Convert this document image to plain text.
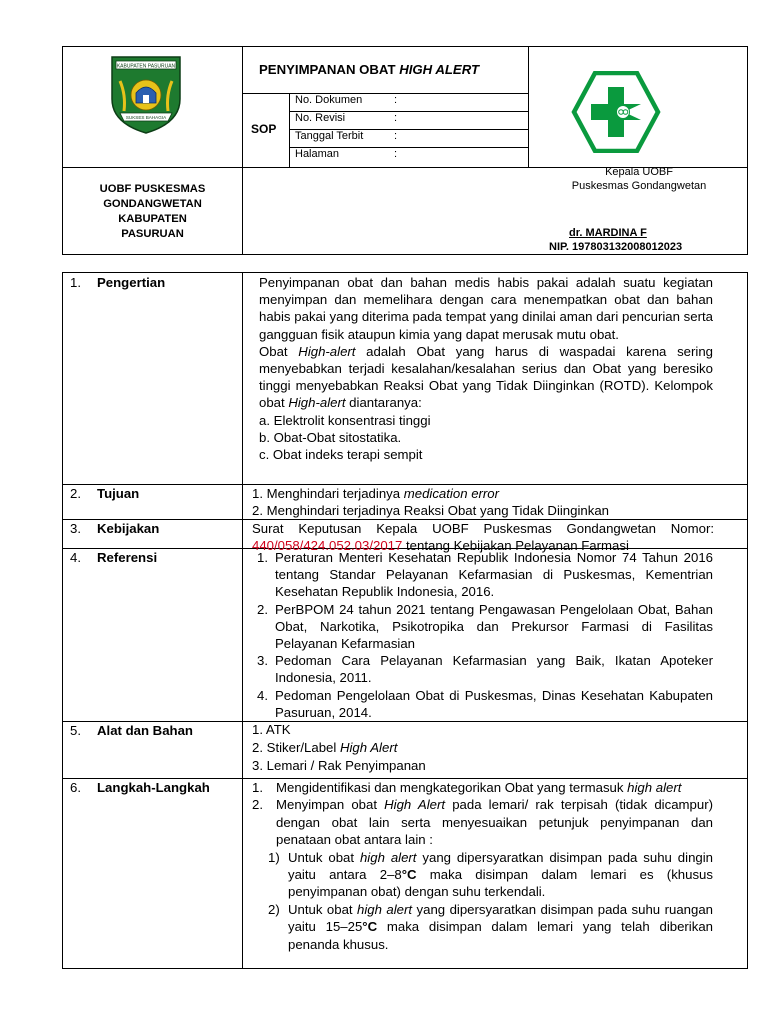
KABUPATEN PASURUAN
SUKSES BAHAGIA
PENYIMPANAN OBAT HIGH ALERT
SOP
No. Dokumen	:
No. Revisi	:
Tanggal Terbit	:
Halaman	:
UOBF PUSKESMAS
GONDANGWETAN
KABUPATEN
PASURUAN
Kepala UOBF
Puskesmas Gondangwetan
dr. MARDINA F
NIP. 197803132008012023
1. Pengertian	Penyimpanan obat dan bahan medis habis pakai adalah suatu kegiatan menyimpan dan memelihara dengan cara menempatkan obat dan bahan habis pakai yang diterima pada tempat yang dinilai aman dari pencurian serta gangguan fisik ataupun kimia yang dapat merusak mutu obat.
Obat High-alert adalah Obat yang harus di waspadai karena sering menyebabkan terjadi kesalahan/kesalahan serius dan Obat yang beresiko tinggi menyebabkan Reaksi Obat yang Tidak Diinginkan (ROTD). Kelompok obat High-alert diantaranya:
a. Elektrolit konsentrasi tinggi
b. Obat-Obat sitostatika.
c. Obat indeks terapi sempit
2. Tujuan	1. Menghindari terjadinya medication error
2. Menghindari terjadinya Reaksi Obat yang Tidak Diinginkan
3. Kebijakan	Surat Keputusan Kepala UOBF Puskesmas Gondangwetan Nomor: 440/058/424.052.03/2017 tentang Kebijakan Pelayanan Farmasi
4. Referensi	1. Peraturan Menteri Kesehatan Republik Indonesia Nomor 74 Tahun 2016 tentang Standar Pelayanan Kefarmasian di Puskesmas, Kementrian Kesehatan Republik Indonesia, 2016.
2. PerBPOM 24 tahun 2021 tentang Pengawasan Pengelolaan Obat, Bahan Obat, Narkotika, Psikotropika dan Prekursor Farmasi di Fasilitas Pelayanan Kefarmasian
3. Pedoman Cara Pelayanan Kefarmasian yang Baik, Ikatan Apoteker Indonesia, 2011.
4. Pedoman Pengelolaan Obat di Puskesmas, Dinas Kesehatan Kabupaten Pasuruan, 2014.
5. Alat dan Bahan	1. ATK
2. Stiker/Label High Alert
3. Lemari / Rak Penyimpanan
6. Langkah-Langkah	1. Mengidentifikasi dan mengkategorikan Obat yang termasuk high alert
2. Menyimpan obat High Alert pada lemari/ rak terpisah (tidak dicampur) dengan obat lain serta menyesuaikan petunjuk penyimpanan dan penataan obat antara lain :
1) Untuk obat high alert yang dipersyaratkan disimpan pada suhu dingin yaitu antara 2–8°C maka disimpan dalam lemari es (khusus penyimpanan obat) dengan suhu terkendali.
2) Untuk obat high alert yang dipersyaratkan disimpan pada suhu ruangan yaitu 15–25°C maka disimpan dalam lemari yang telah diberikan penanda khusus.
